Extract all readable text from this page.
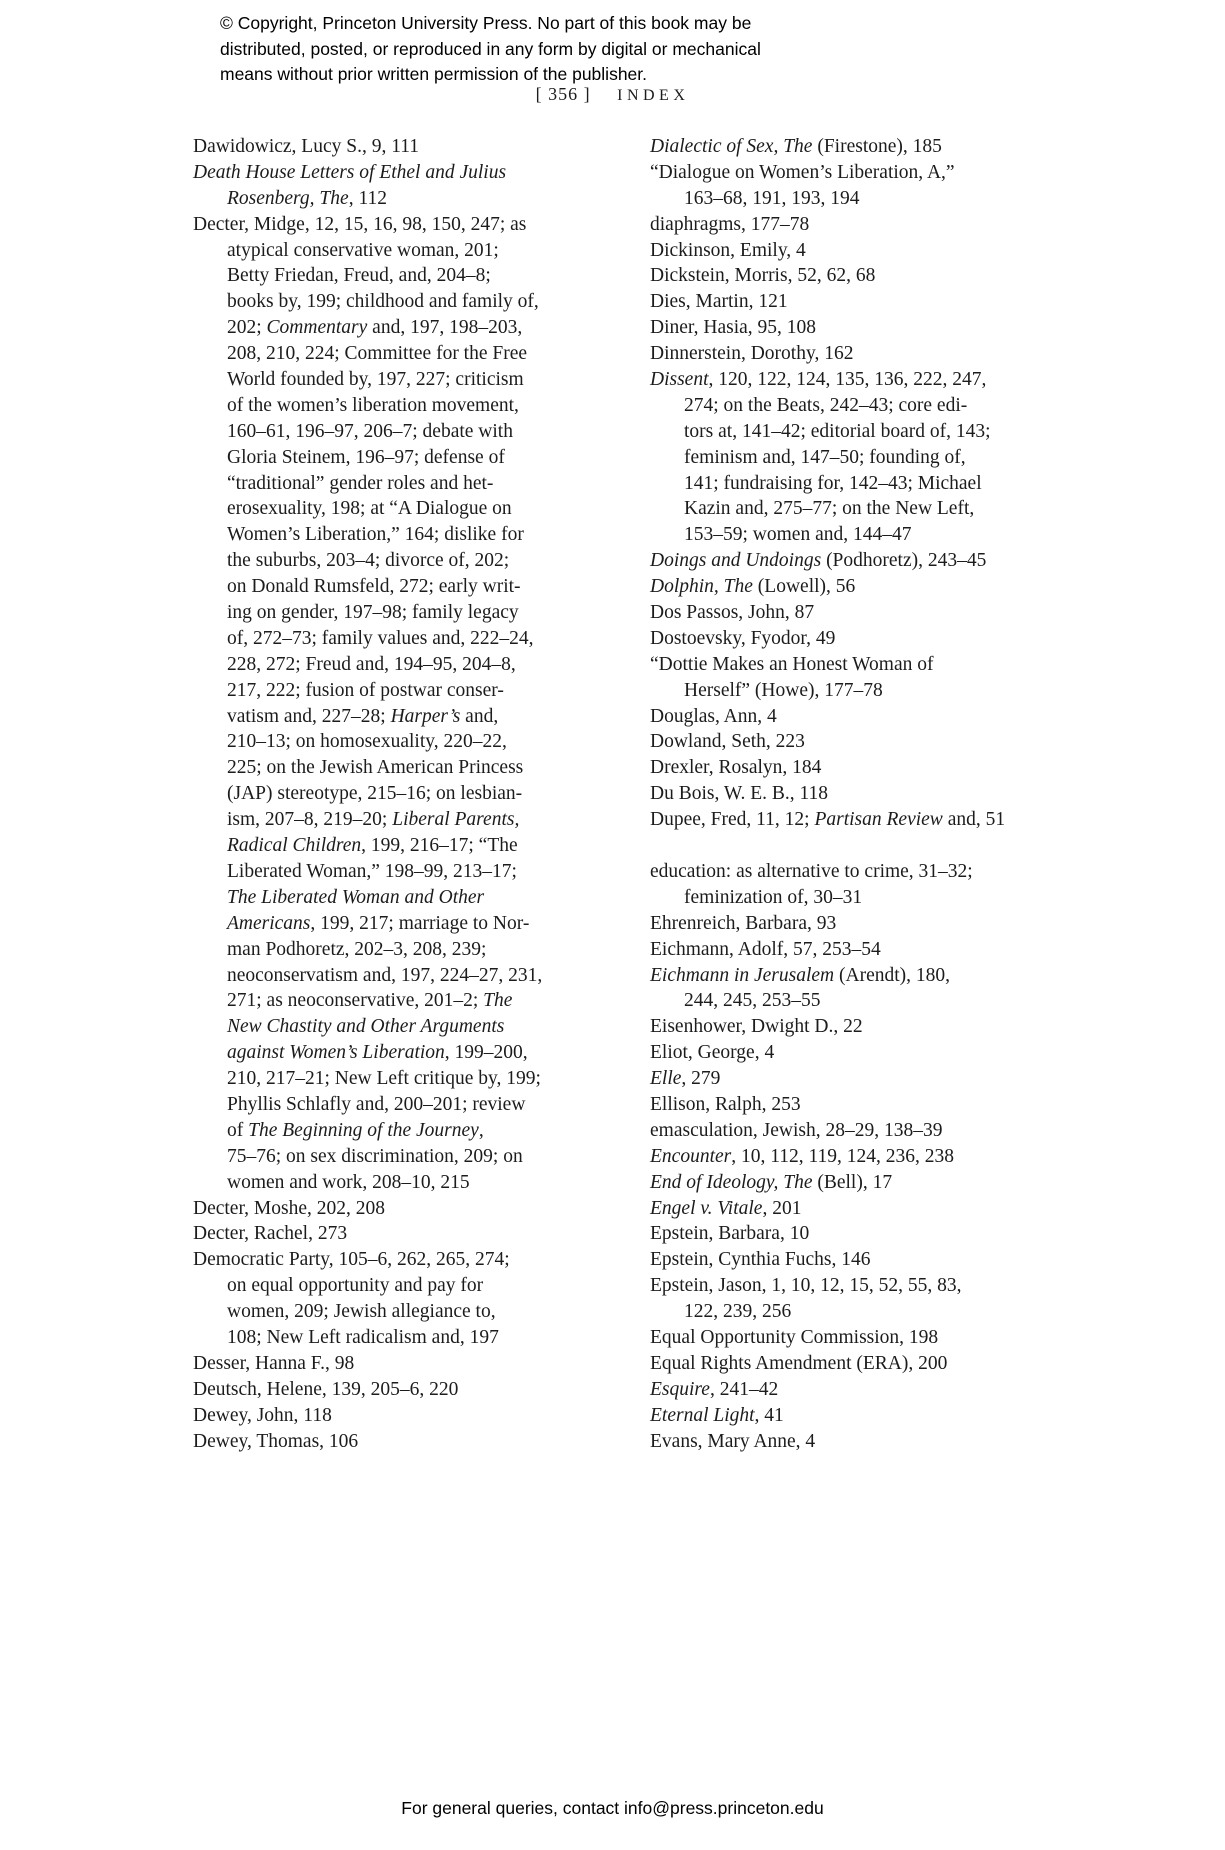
© Copyright, Princeton University Press. No part of this book may be
distributed, posted, or reproduced in any form by digital or mechanical
means without prior written permission of the publisher.
[ 356 ] INDEX
Dawidowicz, Lucy S., 9, 111
Death House Letters of Ethel and Julius
Rosenberg, The, 112
Decter, Midge, 12, 15, 16, 98, 150, 247; as
atypical conservative woman, 201;
Betty Friedan, Freud, and, 204–8;
books by, 199; childhood and family of,
202; Commentary and, 197, 198–203,
208, 210, 224; Committee for the Free
World founded by, 197, 227; criticism
of the women’s liberation movement,
160–61, 196–97, 206–7; debate with
Gloria Steinem, 196–97; defense of
“traditional” gender roles and het-
erosexuality, 198; at “A Dialogue on
Women’s Liberation,” 164; dislike for
the suburbs, 203–4; divorce of, 202;
on Donald Rumsfeld, 272; early writ-
ing on gender, 197–98; family legacy
of, 272–73; family values and, 222–24,
228, 272; Freud and, 194–95, 204–8,
217, 222; fusion of postwar conser-
vatism and, 227–28; Harper’s and,
210–13; on homosexuality, 220–22,
225; on the Jewish American Princess
(JAP) stereotype, 215–16; on lesbian-
ism, 207–8, 219–20; Liberal Parents,
Radical Children, 199, 216–17; “The
Liberated Woman,” 198–99, 213–17;
The Liberated Woman and Other
Americans, 199, 217; marriage to Nor-
man Podhoretz, 202–3, 208, 239;
neoconservatism and, 197, 224–27, 231,
271; as neoconservative, 201–2; The
New Chastity and Other Arguments
against Women’s Liberation, 199–200,
210, 217–21; New Left critique by, 199;
Phyllis Schlafly and, 200–201; review
of The Beginning of the Journey,
75–76; on sex discrimination, 209; on
women and work, 208–10, 215
Decter, Moshe, 202, 208
Decter, Rachel, 273
Democratic Party, 105–6, 262, 265, 274;
on equal opportunity and pay for
women, 209; Jewish allegiance to,
108; New Left radicalism and, 197
Desser, Hanna F., 98
Deutsch, Helene, 139, 205–6, 220
Dewey, John, 118
Dewey, Thomas, 106
Dialectic of Sex, The (Firestone), 185
“Dialogue on Women’s Liberation, A,”
163–68, 191, 193, 194
diaphragms, 177–78
Dickinson, Emily, 4
Dickstein, Morris, 52, 62, 68
Dies, Martin, 121
Diner, Hasia, 95, 108
Dinnerstein, Dorothy, 162
Dissent, 120, 122, 124, 135, 136, 222, 247,
274; on the Beats, 242–43; core edi-
tors at, 141–42; editorial board of, 143;
feminism and, 147–50; founding of,
141; fundraising for, 142–43; Michael
Kazin and, 275–77; on the New Left,
153–59; women and, 144–47
Doings and Undoings (Podhoretz), 243–45
Dolphin, The (Lowell), 56
Dos Passos, John, 87
Dostoevsky, Fyodor, 49
“Dottie Makes an Honest Woman of
Herself” (Howe), 177–78
Douglas, Ann, 4
Dowland, Seth, 223
Drexler, Rosalyn, 184
Du Bois, W. E. B., 118
Dupee, Fred, 11, 12; Partisan Review and, 51
education: as alternative to crime, 31–32;
feminization of, 30–31
Ehrenreich, Barbara, 93
Eichmann, Adolf, 57, 253–54
Eichmann in Jerusalem (Arendt), 180,
244, 245, 253–55
Eisenhower, Dwight D., 22
Eliot, George, 4
Elle, 279
Ellison, Ralph, 253
emasculation, Jewish, 28–29, 138–39
Encounter, 10, 112, 119, 124, 236, 238
End of Ideology, The (Bell), 17
Engel v. Vitale, 201
Epstein, Barbara, 10
Epstein, Cynthia Fuchs, 146
Epstein, Jason, 1, 10, 12, 15, 52, 55, 83,
122, 239, 256
Equal Opportunity Commission, 198
Equal Rights Amendment (ERA), 200
Esquire, 241–42
Eternal Light, 41
Evans, Mary Anne, 4
For general queries, contact info@press.princeton.edu
